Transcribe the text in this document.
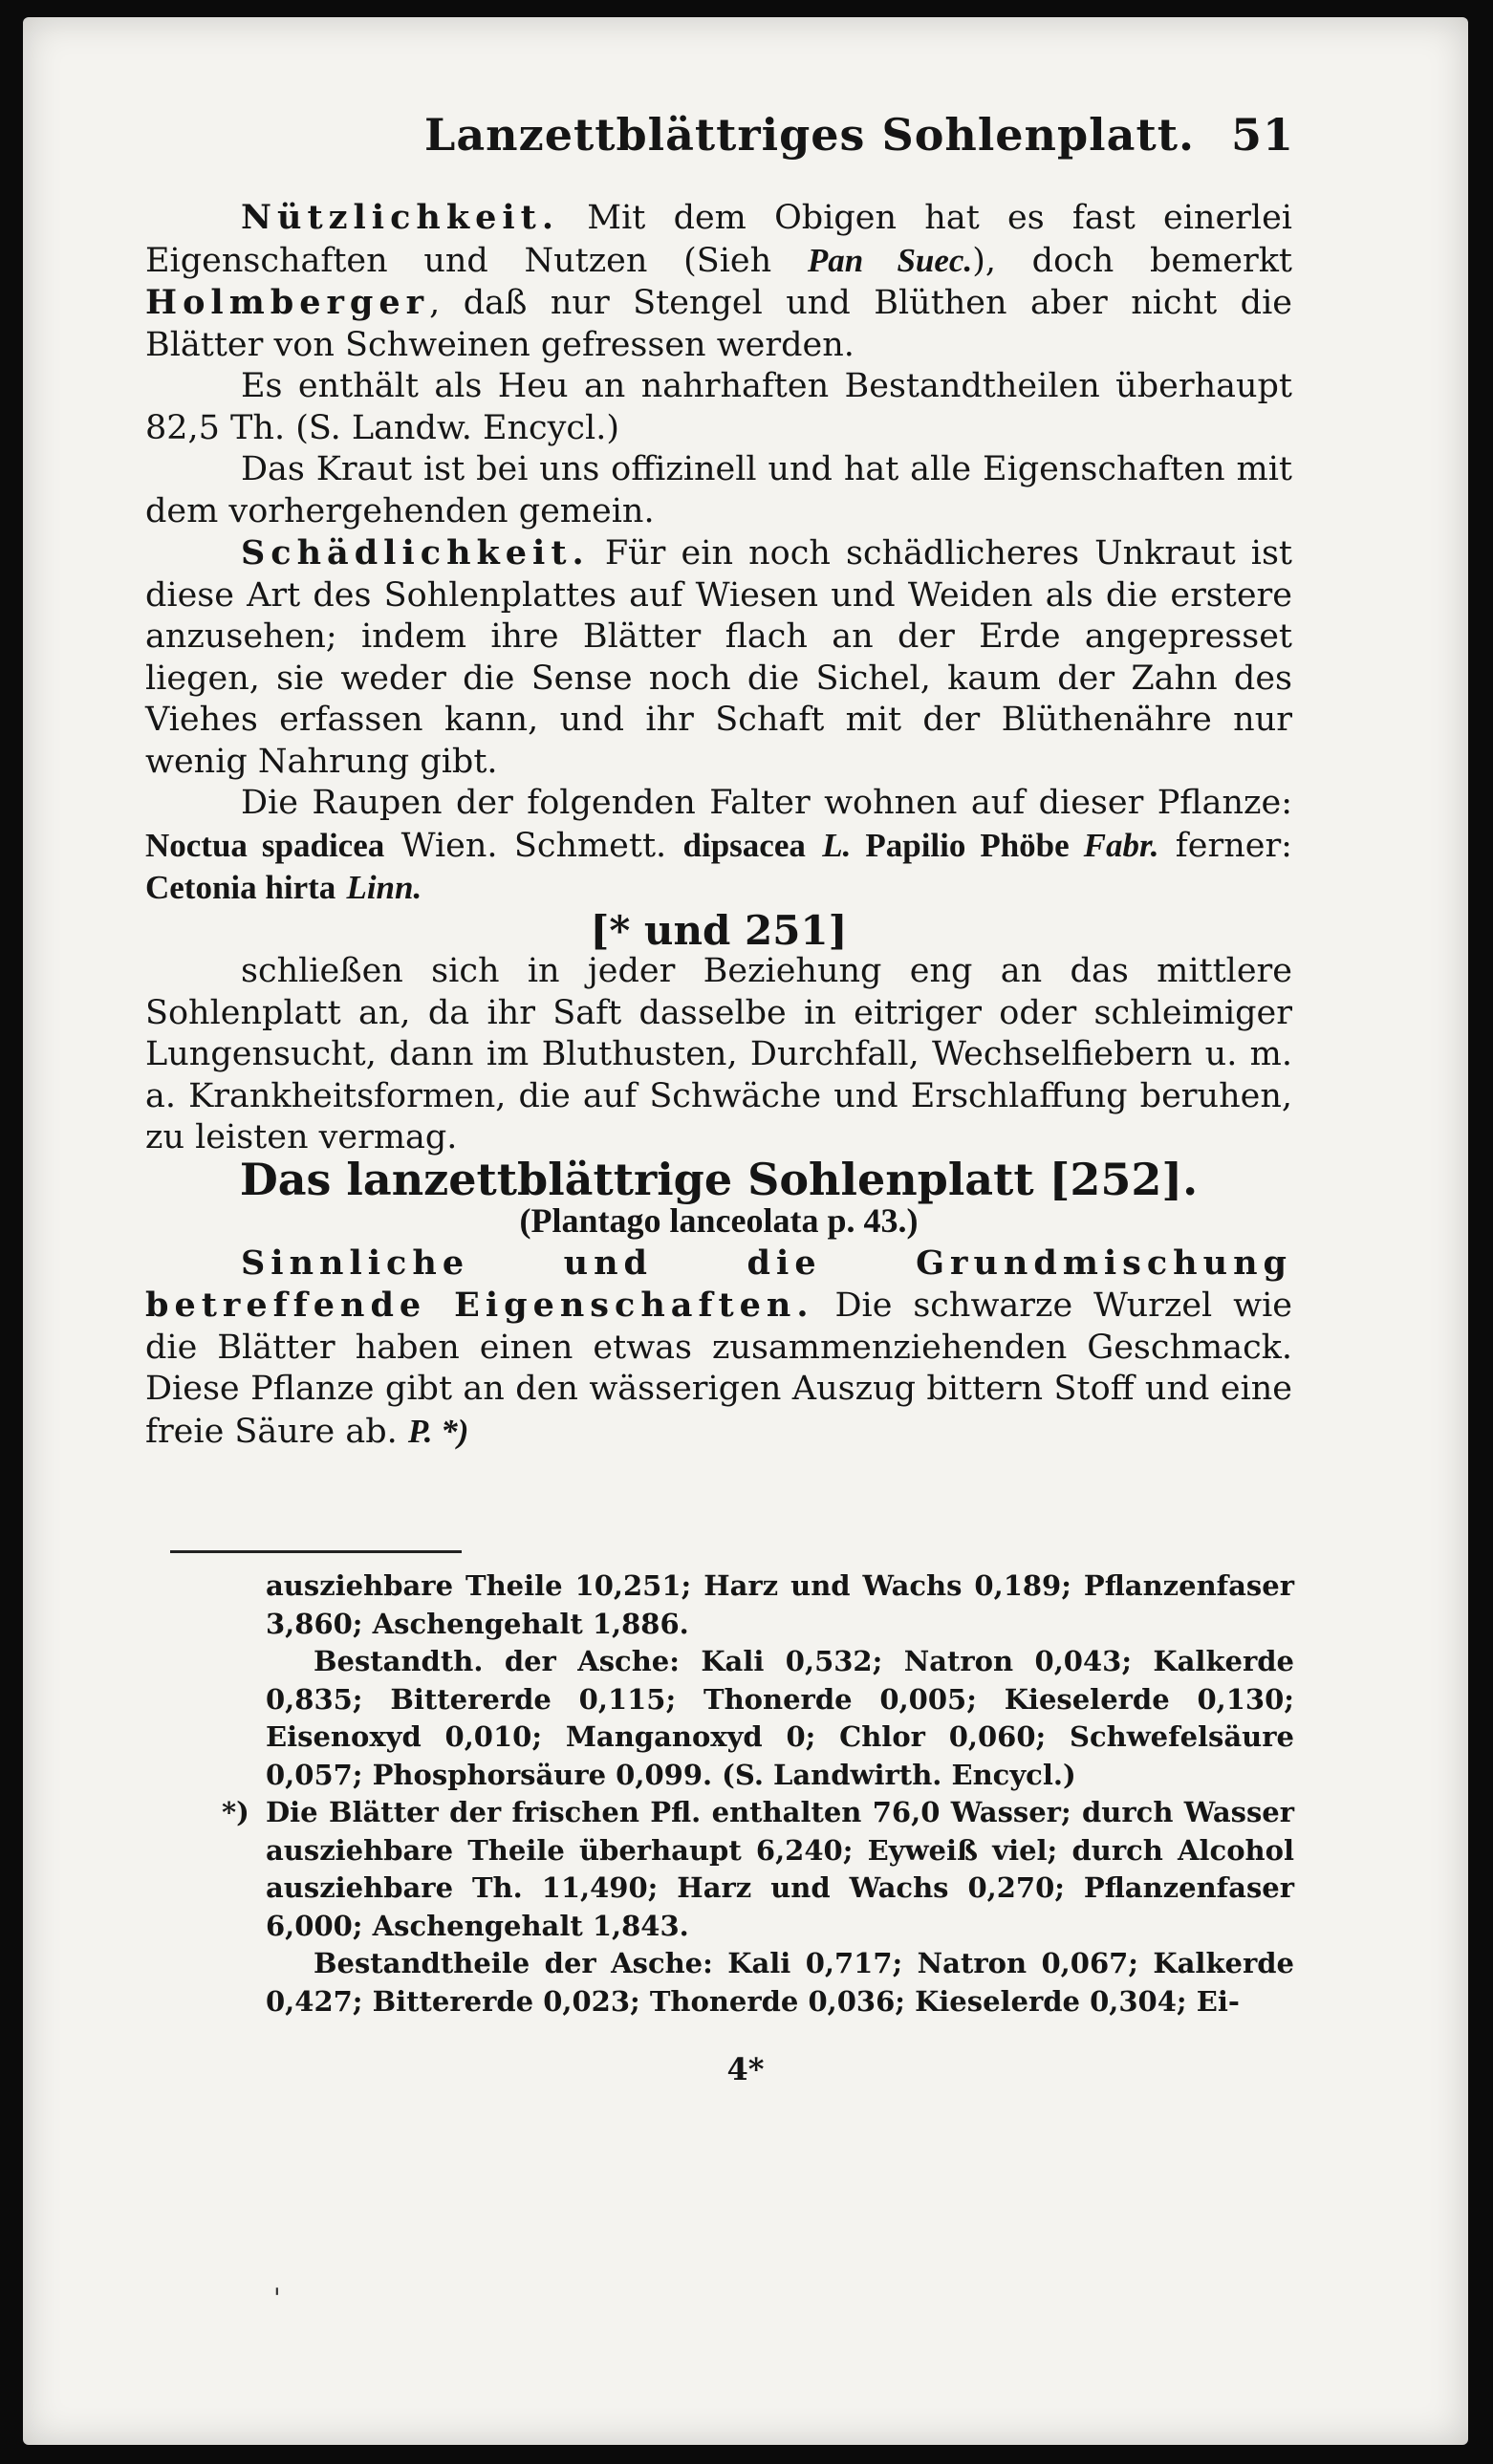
Lanzettblättriges Sohlenplatt. 51

Nützlichkeit. Mit dem Obigen hat es fast einerlei Eigenschaften und Nutzen (Sieh Pan Suec.), doch bemerkt Holmberger, daß nur Stengel und Blüthen aber nicht die Blätter von Schweinen gefressen werden.

Es enthält als Heu an nahrhaften Bestandtheilen überhaupt 82,5 Th. (S. Landw. Encycl.)

Das Kraut ist bei uns offizinell und hat alle Eigenschaften mit dem vorhergehenden gemein.

Schädlichkeit. Für ein noch schädlicheres Unkraut ist diese Art des Sohlenplattes auf Wiesen und Weiden als die erstere anzusehen; indem ihre Blätter flach an der Erde angepresset liegen, sie weder die Sense noch die Sichel, kaum der Zahn des Viehes erfassen kann, und ihr Schaft mit der Blüthenähre nur wenig Nahrung gibt.

Die Raupen der folgenden Falter wohnen auf dieser Pflanze: Noctua spadicea Wien. Schmett. dipsacea L. Papilio Phöbe Fabr. ferner: Cetonia hirta Linn.

[* und 251]

schließen sich in jeder Beziehung eng an das mittlere Sohlenplatt an, da ihr Saft dasselbe in eitriger oder schleimiger Lungensucht, dann im Bluthusten, Durchfall, Wechselfiebern u. m. a. Krankheitsformen, die auf Schwäche und Erschlaffung beruhen, zu leisten vermag.

Das lanzettblättrige Sohlenplatt [252].

(Plantago lanceolata p. 43.)

Sinnliche und die Grundmischung betreffende Eigenschaften. Die schwarze Wurzel wie die Blätter haben einen etwas zusammenziehenden Geschmack. Diese Pflanze gibt an den wässerigen Auszug bittern Stoff und eine freie Säure ab. P. *)

ausziehbare Theile 10,251; Harz und Wachs 0,189; Pflanzenfaser 3,860; Aschengehalt 1,886.

Bestandth. der Asche: Kali 0,532; Natron 0,043; Kalkerde 0,835; Bittererde 0,115; Thonerde 0,005; Kieselerde 0,130; Eisenoxyd 0,010; Manganoxyd 0; Chlor 0,060; Schwefelsäure 0,057; Phosphorsäure 0,099. (S. Landwirth. Encycl.)

*) Die Blätter der frischen Pfl. enthalten 76,0 Wasser; durch Wasser ausziehbare Theile überhaupt 6,240; Eyweiß viel; durch Alcohol ausziehbare Th. 11,490; Harz und Wachs 0,270; Pflanzenfaser 6,000; Aschengehalt 1,843.

Bestandtheile der Asche: Kali 0,717; Natron 0,067; Kalkerde 0,427; Bittererde 0,023; Thonerde 0,036; Kieselerde 0,304; Ei-

4*
'
